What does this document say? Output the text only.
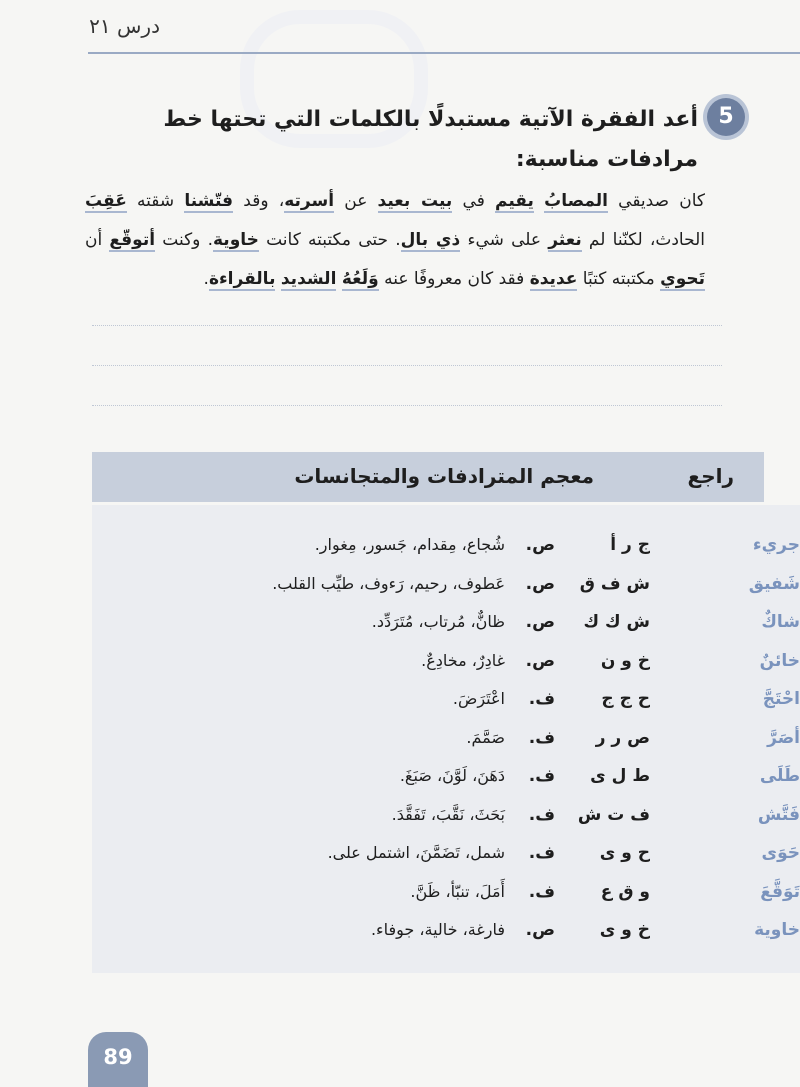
درس ٢١
5
أعد الفقرة الآتية مستبدلًا بالكلمات التي تحتها خط مرادفات مناسبة:
كان صديقي المصابُ يقيم في بيت بعيد عن أسرته، وقد فتّشنا شقته عَقِبَ الحادث، لكنّنا لم نعثر على شيء ذي بال. حتى مكتبته كانت خاوية. وكنت أتوقّع أن تَحوي مكتبته كتبًا عديدة فقد كان معروفًا عنه وَلَعُهُ الشديد بالقراءة.
راجع
معجم المترادفات والمتجانسات
جريء
ج ر أ
ص.
شُجاع، مِقدام، جَسور، مِغوار.
شَفيق
ش ف ق
ص.
عَطوف، رحيم، رَءوف، طيِّب القلب.
شاكٌ
ش ك ك
ص.
ظانٌّ، مُرتاب، مُتَرَدِّد.
خائنٌ
خ و ن
ص.
غادِرٌ، مخادِعٌ.
احْتَجَّ
ح ج ج
ف.
اعْتَرَضَ.
أصَرَّ
ص ر ر
ف.
صَمَّمَ.
طَلَى
ط ل ى
ف.
دَهَنَ، لَوَّنَ، صَبَغَ.
فَتَّش
ف ت ش
ف.
بَحَثَ، نَقَّبَ، تَفَقَّدَ.
حَوَى
ح و ى
ف.
شمل، تَضَمَّنَ، اشتمل على.
تَوَقَّعَ
و ق ع
ف.
أَمَلَ، تنبّأ، ظَنَّ.
خاوية
خ و ى
ص.
فارغة، خالية، جوفاء.
89
